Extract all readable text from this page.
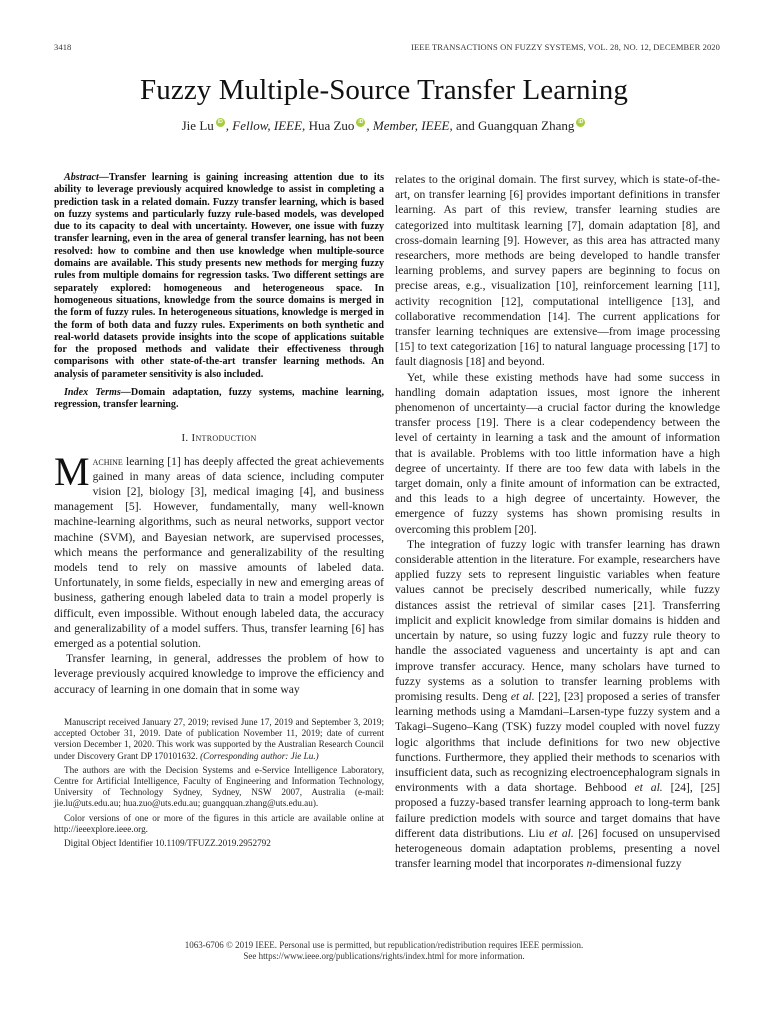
3418	IEEE TRANSACTIONS ON FUZZY SYSTEMS, VOL. 28, NO. 12, DECEMBER 2020
Fuzzy Multiple-Source Transfer Learning
Jie Lu iD , Fellow, IEEE, Hua Zuo iD , Member, IEEE, and Guangquan ZhangiD

Abstract—Transfer learning is gaining increasing attention due to its ability to leverage previously acquired knowledge to assist in completing a prediction task in a related domain. Fuzzy transfer learning, which is based on fuzzy systems and particularly fuzzy rule-based models, was developed due to its capacity to deal with uncertainty. However, one issue with fuzzy transfer learning, even in the area of general transfer learning, has not been resolved: how to combine and then use knowledge when multiple-source domains are available. This study presents new methods for merging fuzzy rules from multiple domains for regression tasks. Two different settings are separately explored: homogeneous and heterogeneous space. In homogeneous situations, knowledge from the source domains is merged in the form of fuzzy rules. In heterogeneous situations, knowledge is merged in the form of both data and fuzzy rules. Experiments on both synthetic and real-world datasets provide insights into the scope of applications suitable for the proposed methods and validate their effectiveness through comparisons with other state-of-the-art transfer learning methods. An analysis of parameter sensitivity is also included.

Index Terms—Domain adaptation, fuzzy systems, machine learning, regression, transfer learning.

I. Introduction

Machine learning [1] has deeply affected the great achievements gained in many areas of data science, including computer vision [2], biology [3], medical imaging [4], and business management [5]. However, fundamentally, many well-known machine-learning algorithms, such as neural networks, support vector machine (SVM), and Bayesian network, are supervised processes, which means the performance and generalizability of the resulting models tend to rely on massive amounts of labeled data. Unfortunately, in some fields, especially in new and emerging areas of business, gathering enough labeled data to train a model properly is difficult, even impossible. Without enough labeled data, the accuracy and generalizability of a model suffers. Thus, transfer learning [6] has emerged as a potential solution.

Transfer learning, in general, addresses the problem of how to leverage previously acquired knowledge to improve the efficiency and accuracy of learning in one domain that in some way

Manuscript received January 27, 2019; revised June 17, 2019 and September 3, 2019; accepted October 31, 2019. Date of publication November 11, 2019; date of current version December 1, 2020. This work was supported by the Australian Research Council under Discovery Grant DP 170101632. (Corresponding author: Jie Lu.)

The authors are with the Decision Systems and e-Service Intelligence Laboratory, Centre for Artificial Intelligence, Faculty of Engineering and Information Technology, University of Technology Sydney, Sydney, NSW 2007, Australia (e-mail: jie.lu@uts.edu.au; hua.zuo@uts.edu.au; guangquan.zhang@uts.edu.au).

Color versions of one or more of the figures in this article are available online at http://ieeexplore.ieee.org.

Digital Object Identifier 10.1109/TFUZZ.2019.2952792

relates to the original domain. The first survey, which is state-of-the-art, on transfer learning [6] provides important definitions in transfer learning. As part of this review, transfer learning studies are categorized into multitask learning [7], domain adaptation [8], and cross-domain learning [9]. However, as this area has attracted many researchers, more methods are being developed to handle transfer learning problems, and survey papers are beginning to focus on precise areas, e.g., visualization [10], reinforcement learning [11], activity recognition [12], computational intelligence [13], and collaborative recommendation [14]. The current applications for transfer learning techniques are extensive—from image processing [15] to text categorization [16] to natural language processing [17] to fault diagnosis [18] and beyond.

Yet, while these existing methods have had some success in handling domain adaptation issues, most ignore the inherent phenomenon of uncertainty—a crucial factor during the knowledge transfer process [19]. There is a clear codependency between the level of certainty in learning a task and the amount of information that is available. Problems with too little information have a high degree of uncertainty. If there are too few data with labels in the target domain, only a finite amount of information can be extracted, and this leads to a high degree of uncertainty. However, the emergence of fuzzy systems has shown promising results in overcoming this problem [20].

The integration of fuzzy logic with transfer learning has drawn considerable attention in the literature. For example, researchers have applied fuzzy sets to represent linguistic variables when feature values cannot be precisely described numerically, while fuzzy distances assist the retrieval of similar cases [21]. Transferring implicit and explicit knowledge from similar domains is hidden and uncertain by nature, so using fuzzy logic and fuzzy rule theory to handle the associated vagueness and uncertainty is apt and can improve transfer accuracy. Hence, many scholars have turned to fuzzy systems as a solution to transfer learning problems with promising results. Deng et al. [22], [23] proposed a series of transfer learning methods using a Mamdani–Larsen-type fuzzy system and a Takagi–Sugeno–Kang (TSK) fuzzy model coupled with novel fuzzy logic algorithms that include definitions for two new objective functions. Furthermore, they applied their methods to scenarios with insufficient data, such as recognizing electroencephalogram signals in environments with a data shortage. Behbood et al. [24], [25] proposed a fuzzy-based transfer learning approach to long-term bank failure prediction models with source and target domains that have different data distributions. Liu et al. [26] focused on unsupervised heterogeneous domain adaptation problems, presenting a novel transfer learning model that incorporates n-dimensional fuzzy

1063-6706 © 2019 IEEE. Personal use is permitted, but republication/redistribution requires IEEE permission.
See https://www.ieee.org/publications/rights/index.html for more information.
